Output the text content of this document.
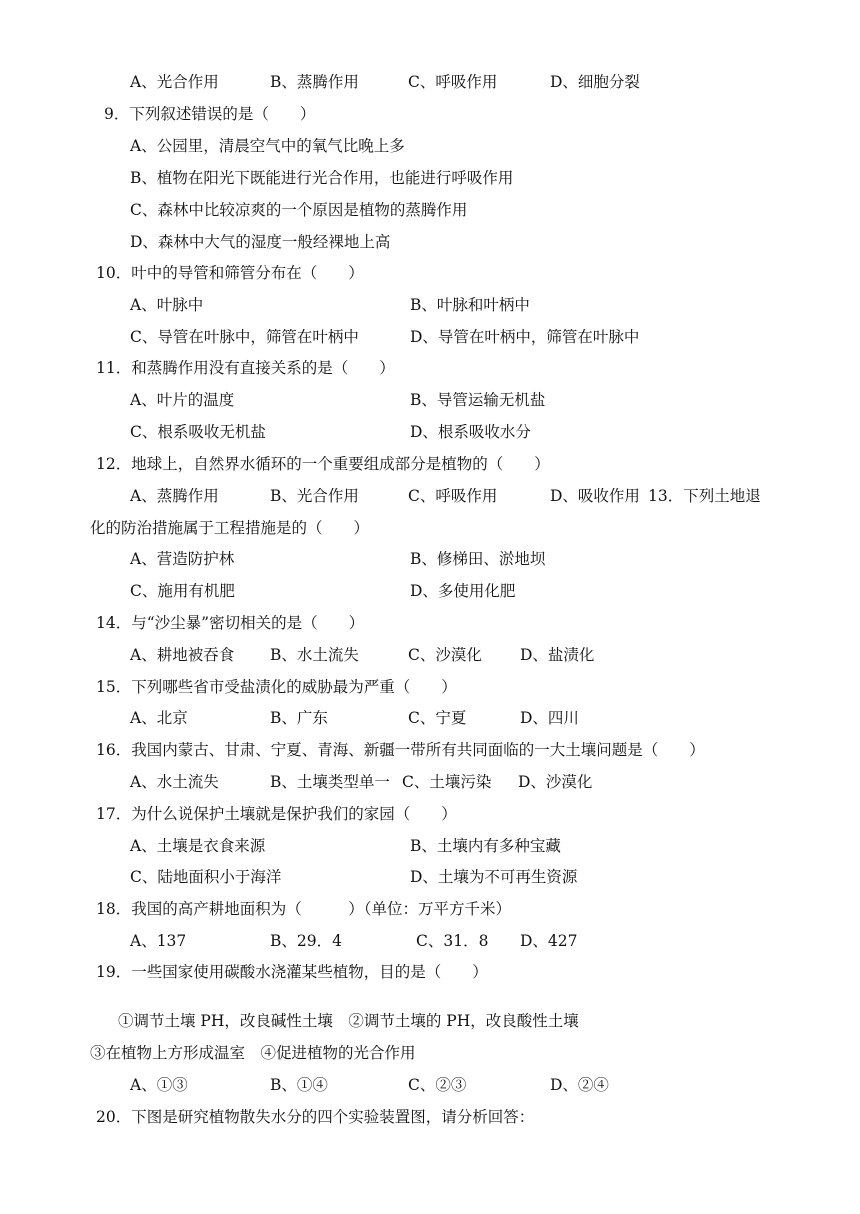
A、光合作用	B、蒸腾作用	C、呼吸作用	D、细胞分裂
9．下列叙述错误的是（　　）
A、公园里，清晨空气中的氧气比晚上多
B、植物在阳光下既能进行光合作用，也能进行呼吸作用
C、森林中比较凉爽的一个原因是植物的蒸腾作用
D、森林中大气的湿度一般经裸地上高
10．叶中的导管和筛管分布在（　　）
A、叶脉中	B、叶脉和叶柄中
C、导管在叶脉中，筛管在叶柄中	D、导管在叶柄中，筛管在叶脉中
11．和蒸腾作用没有直接关系的是（　　）
A、叶片的温度	B、导管运输无机盐
C、根系吸收无机盐	D、根系吸收水分
12．地球上，自然界水循环的一个重要组成部分是植物的（　　）
A、蒸腾作用	B、光合作用	C、呼吸作用	D、吸收作用 13．下列土地退
化的防治措施属于工程措施是的（　　）
A、营造防护林	B、修梯田、淤地坝
C、施用有机肥	D、多使用化肥
14．与“沙尘暴”密切相关的是（　　）
A、耕地被吞食 B、水土流失	C、沙漠化 D、盐渍化
15．下列哪些省市受盐渍化的威胁最为严重（　　）
A、北京	B、广东	C、宁夏	D、四川
16．我国内蒙古、甘肃、宁夏、青海、新疆一带所有共同面临的一大土壤问题是（　　）
A、水土流失	B、土壤类型单一 C、土壤污染 D、沙漠化
17．为什么说保护土壤就是保护我们的家园（　　）
A、土壤是衣食来源	B、土壤内有多种宝藏
C、陆地面积小于海洋	D、土壤为不可再生资源
18．我国的高产耕地面积为（　　　）（单位：万平方千米）
A、137	B、29．4	C、31．8 D、427
19．一些国家使用碳酸水浇灌某些植物，目的是（　　）
①调节土壤 PH，改良碱性土壤　②调节土壤的 PH，改良酸性土壤
③在植物上方形成温室　④促进植物的光合作用
A、①③	B、①④	C、②③	D、②④
20．下图是研究植物散失水分的四个实验装置图，请分析回答：
